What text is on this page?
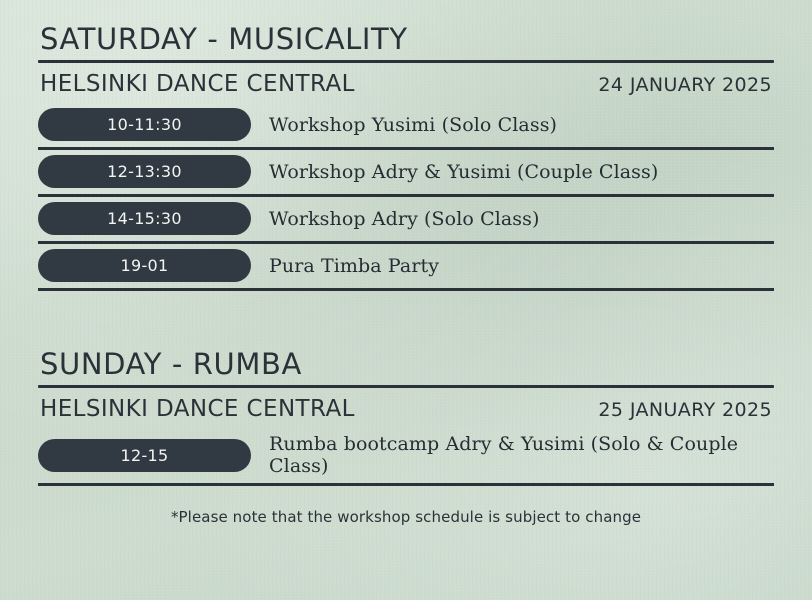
SATURDAY - MUSICALITY
HELSINKI DANCE CENTRAL	24 JANUARY 2025
10-11:30	Workshop Yusimi (Solo Class)
12-13:30	Workshop Adry & Yusimi (Couple Class)
14-15:30	Workshop Adry (Solo Class)
19-01	Pura Timba Party
SUNDAY - RUMBA
HELSINKI DANCE CENTRAL	25 JANUARY 2025
12-15	Rumba bootcamp Adry & Yusimi (Solo & Couple Class)
*Please note that the workshop schedule is subject to change
